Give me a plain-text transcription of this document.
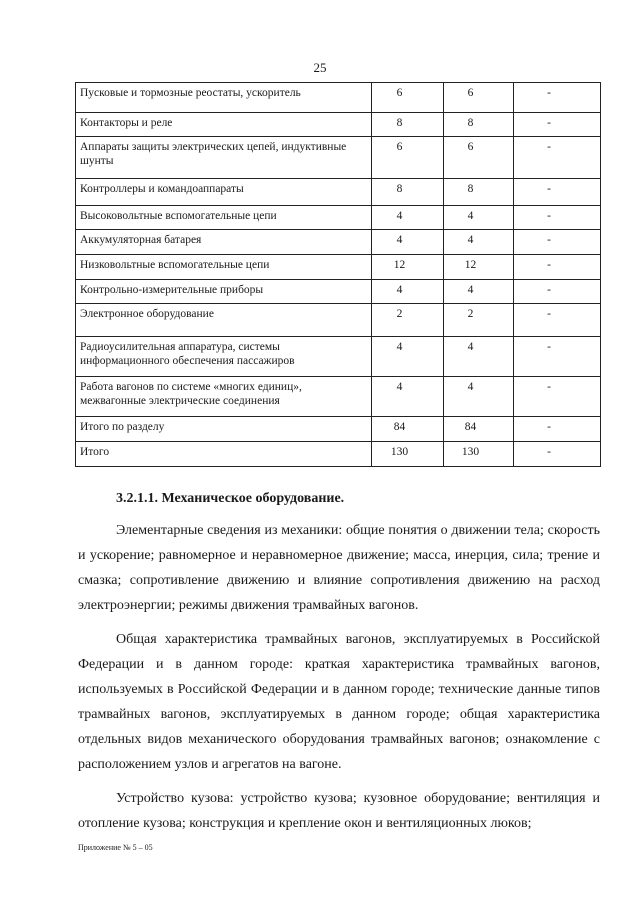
25
Пусковые и тормозные реостаты, ускоритель	6	6	-
Контакторы и реле	8	8	-
Аппараты защиты электрических цепей, индуктивные шунты	6	6	-
Контроллеры и командоаппараты	8	8	-
Высоковольтные вспомогательные цепи	4	4	-
Аккумуляторная батарея	4	4	-
Низковольтные вспомогательные цепи	12	12	-
Контрольно-измерительные приборы	4	4	-
Электронное оборудование	2	2	-
Радиоусилительная аппаратура, системы информационного обеспечения пассажиров	4	4	-
Работа вагонов по системе «многих единиц», межвагонные электрические соединения	4	4	-
Итого по разделу	84	84	-
Итого	130	130	-

3.2.1.1. Механическое оборудование.

Элементарные сведения из механики: общие понятия о движении тела; скорость и ускорение; равномерное и неравномерное движение; масса, инерция, сила; трение и смазка; сопротивление движению и влияние сопротивления движению на расход электроэнергии; режимы движения трамвайных вагонов.

Общая характеристика трамвайных вагонов, эксплуатируемых в Российской Федерации и в данном городе: краткая характеристика трамвайных вагонов, используемых в Российской Федерации и в данном городе; технические данные типов трамвайных вагонов, эксплуатируемых в данном городе; общая характеристика отдельных видов механического оборудования трамвайных вагонов; ознакомление с расположением узлов и агрегатов на вагоне.

Устройство кузова: устройство кузова; кузовное оборудование; вентиляция и отопление кузова; конструкция и крепление окон и вентиляционных люков;

Приложение № 5 – 05
